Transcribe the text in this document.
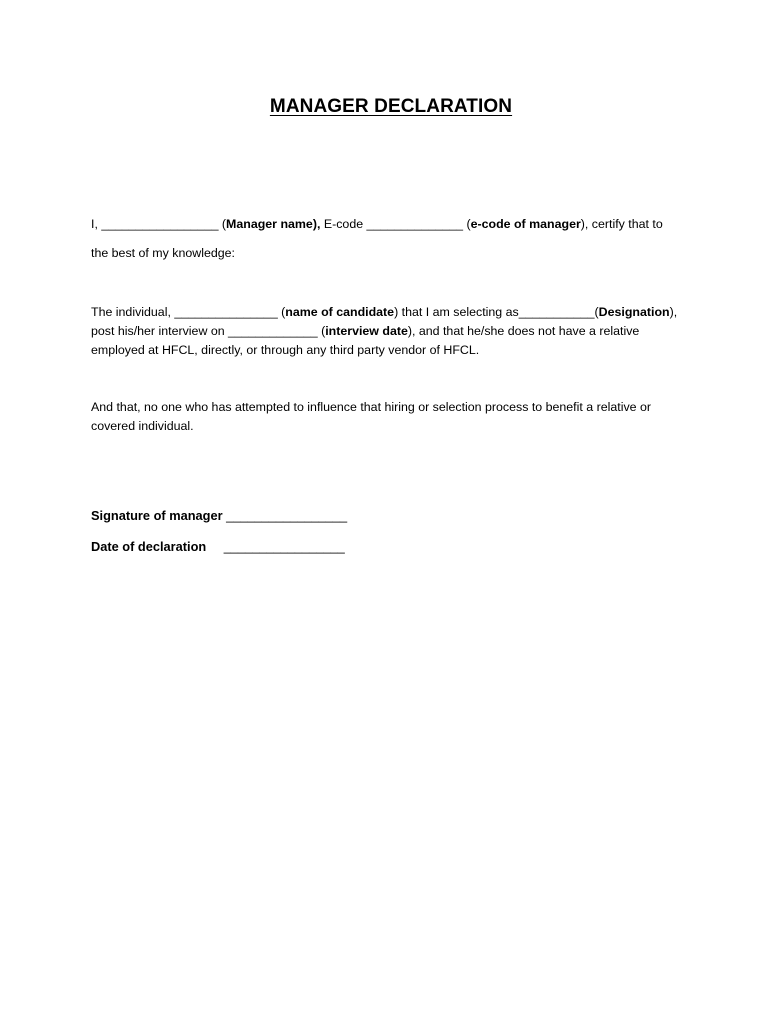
MANAGER DECLARATION
I, _________________ (Manager name), E-code ______________ (e-code of manager), certify that to
the best of my knowledge:
The individual, _______________ (name of candidate) that I am selecting as___________(Designation),
post his/her interview on _____________ (interview date), and that he/she does not have a relative
employed at HFCL, directly, or through any third party vendor of HFCL.
And that, no one who has attempted to influence that hiring or selection process to benefit a relative or
covered individual.
Signature of manager _________________
Date of declaration _________________
